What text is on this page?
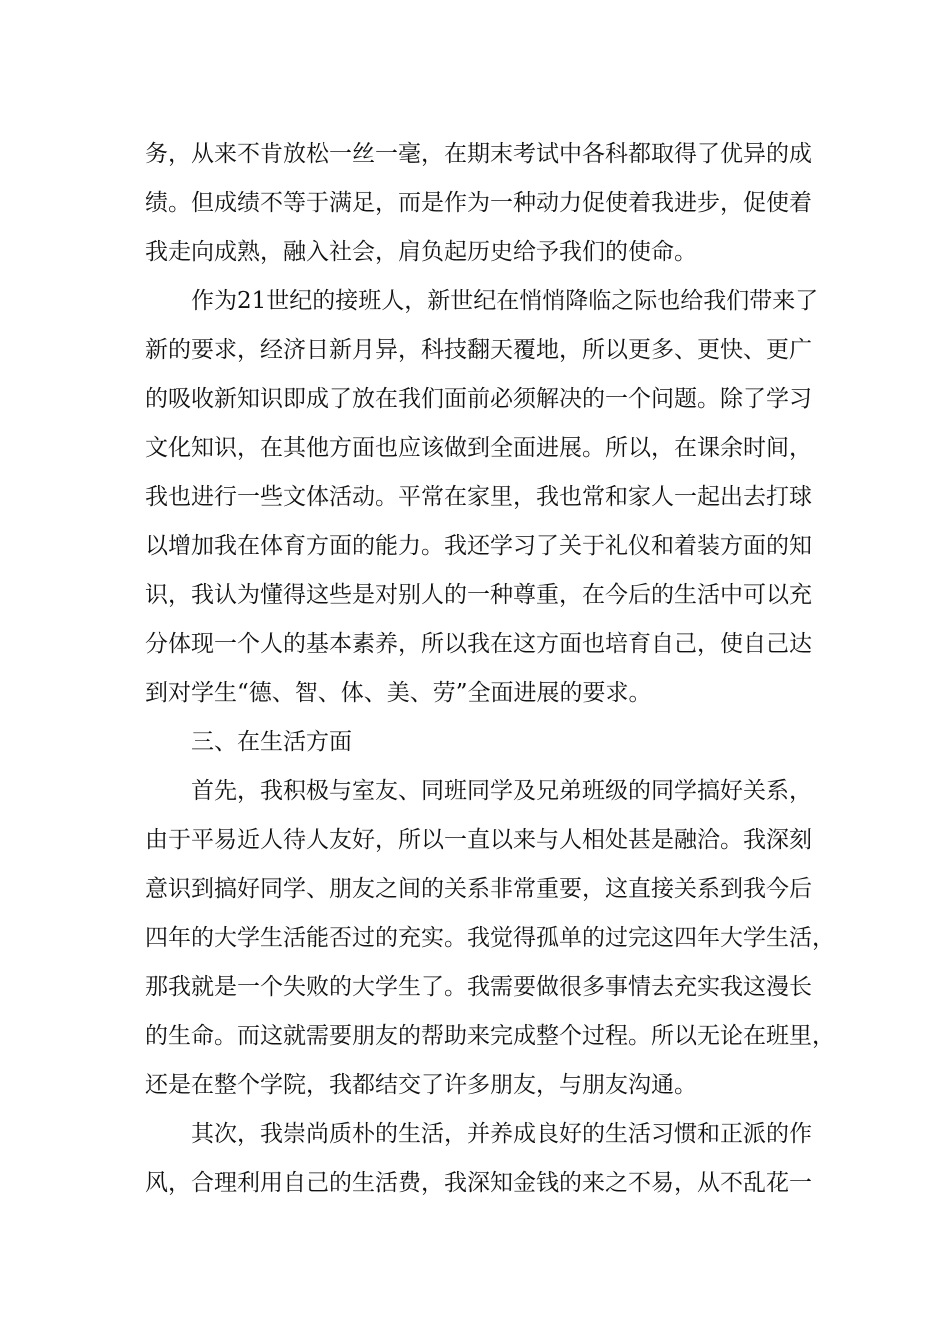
务，从来不肯放松一丝一毫，在期末考试中各科都取得了优异的成
绩。但成绩不等于满足，而是作为一种动力促使着我进步，促使着
我走向成熟，融入社会，肩负起历史给予我们的使命。
作为21世纪的接班人，新世纪在悄悄降临之际也给我们带来了
新的要求，经济日新月异，科技翻天覆地，所以更多、更快、更广
的吸收新知识即成了放在我们面前必须解决的一个问题。除了学习
文化知识，在其他方面也应该做到全面进展。所以，在课余时间，
我也进行一些文体活动。平常在家里，我也常和家人一起出去打球
以增加我在体育方面的能力。我还学习了关于礼仪和着装方面的知
识，我认为懂得这些是对别人的一种尊重，在今后的生活中可以充
分体现一个人的基本素养，所以我在这方面也培育自己，使自己达
到对学生“德、智、体、美、劳”全面进展的要求。
三、在生活方面
首先，我积极与室友、同班同学及兄弟班级的同学搞好关系，
由于平易近人待人友好，所以一直以来与人相处甚是融洽。我深刻
意识到搞好同学、朋友之间的关系非常重要，这直接关系到我今后
四年的大学生活能否过的充实。我觉得孤单的过完这四年大学生活，
那我就是一个失败的大学生了。我需要做很多事情去充实我这漫长
的生命。而这就需要朋友的帮助来完成整个过程。所以无论在班里，
还是在整个学院，我都结交了许多朋友，与朋友沟通。
其次，我崇尚质朴的生活，并养成良好的生活习惯和正派的作
风，合理利用自己的生活费，我深知金钱的来之不易，从不乱花一
